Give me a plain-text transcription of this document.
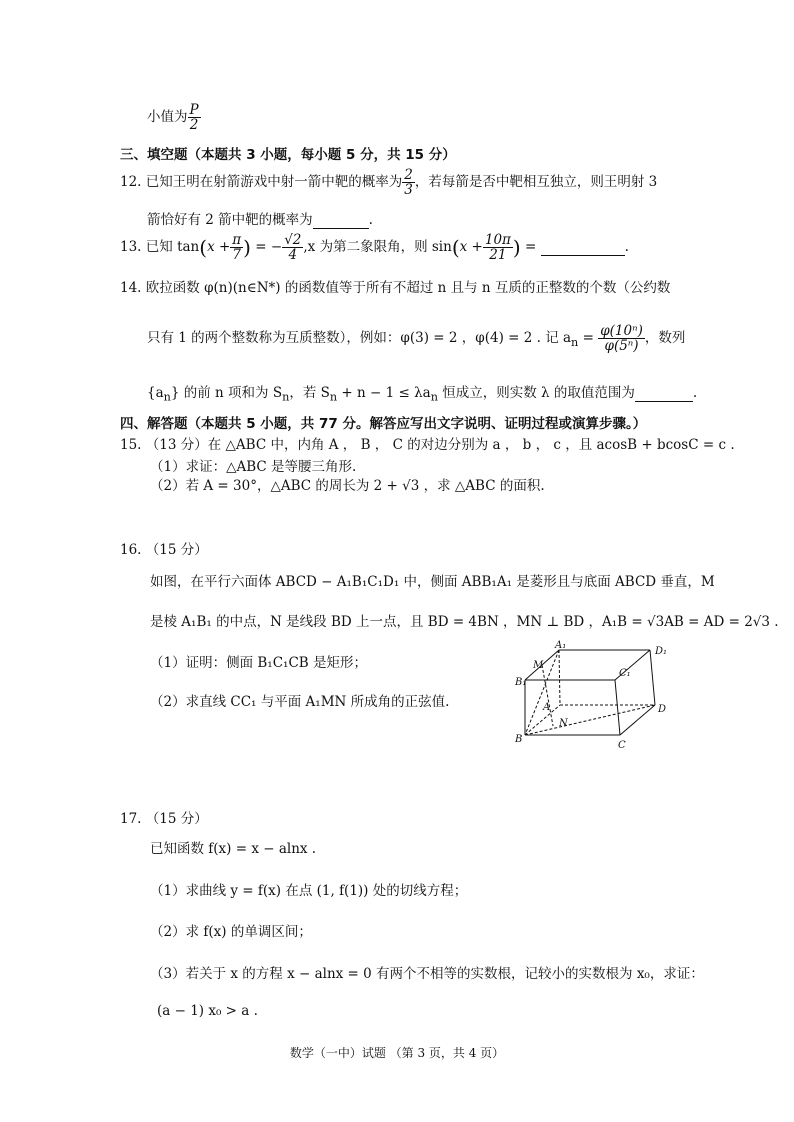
小值为 $\frac{P}{2}$
三、填空题（本题共 3 小题，每小题 5 分，共 15 分）
12. 已知王明在射箭游戏中射一箭中靶的概率为 $\frac{2}{3}$ ，若每箭是否中靶相互独立，则王明射 3
箭恰好有 2 箭中靶的概率为	.
13. 已知 $\tan(x + \frac{\pi}{7}$ ) = − $\frac{√2}{4} ,x$ 为第二象限角，则 $\sin(x + \frac{10\pi}{21}$ ) =	.
14. 欧拉函数 φ(n)(n∈N*) 的函数值等于所有不超过 n 且与 n 互质的正整数的个数（公约数
只有 1 的两个整数称为互质整数），例如：φ(3) = 2 ，φ(4) = 2 . 记 $a_n = \frac{\text{φ(10ⁿ)}}{\text{φ(5ⁿ)}}$ ，数列
$\{a_n\}$ 的前 n 项和为 $S_n$，若 $S_n + n - 1 \le \lambda a_n$ 恒成立，则实数 λ 的取值范围为	.
四、解答题（本题共 5 小题，共 77 分。解答应写出文字说明、证明过程或演算步骤。）
15. （13 分）在 △ABC 中，内角 A ， B ， C 的对边分别为 a ， b ， c ，且 acosB + bcosC = c .
（1）求证：△ABC 是等腰三角形.
（2）若 A = 30°，△ABC 的周长为 2 + √3 ，求 △ABC 的面积.
16. （15 分）
如图，在平行六面体 ABCD − A₁B₁C₁D₁ 中，侧面 ABB₁A₁ 是菱形且与底面 ABCD 垂直，M
是棱 A₁B₁ 的中点，N 是线段 BD 上一点，且 BD = 4BN ，MN ⊥ BD ，A₁B = √3AB = AD = 2√3 .
（1）证明：侧面 B₁C₁CB 是矩形；
（2）求直线 CC₁ 与平面 A₁MN 所成角的正弦值.
A₁
D₁
M
C₁
B₁
A
N
D
B
C
17. （15 分）
已知函数 f(x) = x − alnx .
（1）求曲线 y = f(x) 在点 (1, f(1)) 处的切线方程；
（2）求 f(x) 的单调区间；
（3）若关于 x 的方程 x − alnx = 0 有两个不相等的实数根，记较小的实数根为 x₀，求证：
(a − 1) x₀ > a .
数学（一中）试题 （第 3 页，共 4 页）
